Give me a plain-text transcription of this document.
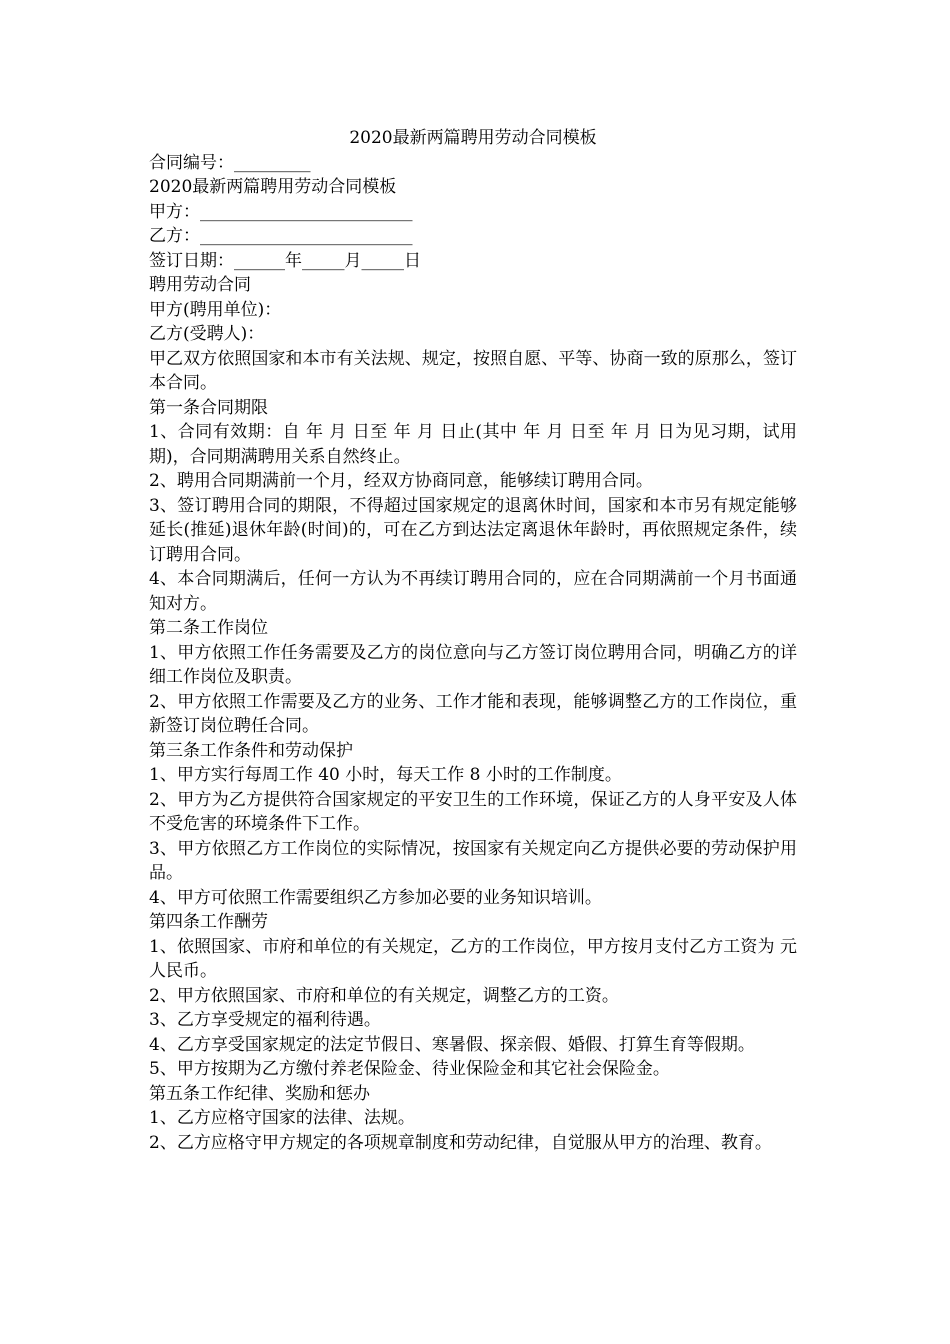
2020最新两篇聘用劳动合同模板

合同编号：_________

2020最新两篇聘用劳动合同模板

甲方：_________________________

乙方：_________________________

签订日期：______年_____月_____日

聘用劳动合同

甲方(聘用单位)：

乙方(受聘人)：

甲乙双方依照国家和本市有关法规、规定，按照自愿、平等、协商一致的原那么，签订本合同。

第一条合同期限

1、合同有效期：自 年 月 日至 年 月 日止(其中 年 月 日至 年 月 日为见习期，试用期)，合同期满聘用关系自然终止。

2、聘用合同期满前一个月，经双方协商同意，能够续订聘用合同。

3、签订聘用合同的期限，不得超过国家规定的退离休时间，国家和本市另有规定能够延长(推延)退休年龄(时间)的，可在乙方到达法定离退休年龄时，再依照规定条件，续订聘用合同。

4、本合同期满后，任何一方认为不再续订聘用合同的，应在合同期满前一个月书面通知对方。

第二条工作岗位

1、甲方依照工作任务需要及乙方的岗位意向与乙方签订岗位聘用合同，明确乙方的详细工作岗位及职责。

2、甲方依照工作需要及乙方的业务、工作才能和表现，能够调整乙方的工作岗位，重新签订岗位聘任合同。

第三条工作条件和劳动保护

1、甲方实行每周工作 40 小时，每天工作 8 小时的工作制度。

2、甲方为乙方提供符合国家规定的平安卫生的工作环境，保证乙方的人身平安及人体不受危害的环境条件下工作。

3、甲方依照乙方工作岗位的实际情况，按国家有关规定向乙方提供必要的劳动保护用品。

4、甲方可依照工作需要组织乙方参加必要的业务知识培训。

第四条工作酬劳

1、依照国家、市府和单位的有关规定，乙方的工作岗位，甲方按月支付乙方工资为 元人民币。

2、甲方依照国家、市府和单位的有关规定，调整乙方的工资。

3、乙方享受规定的福利待遇。

4、乙方享受国家规定的法定节假日、寒暑假、探亲假、婚假、打算生育等假期。

5、甲方按期为乙方缴付养老保险金、待业保险金和其它社会保险金。

第五条工作纪律、奖励和惩办

1、乙方应格守国家的法律、法规。

2、乙方应格守甲方规定的各项规章制度和劳动纪律，自觉服从甲方的治理、教育。
